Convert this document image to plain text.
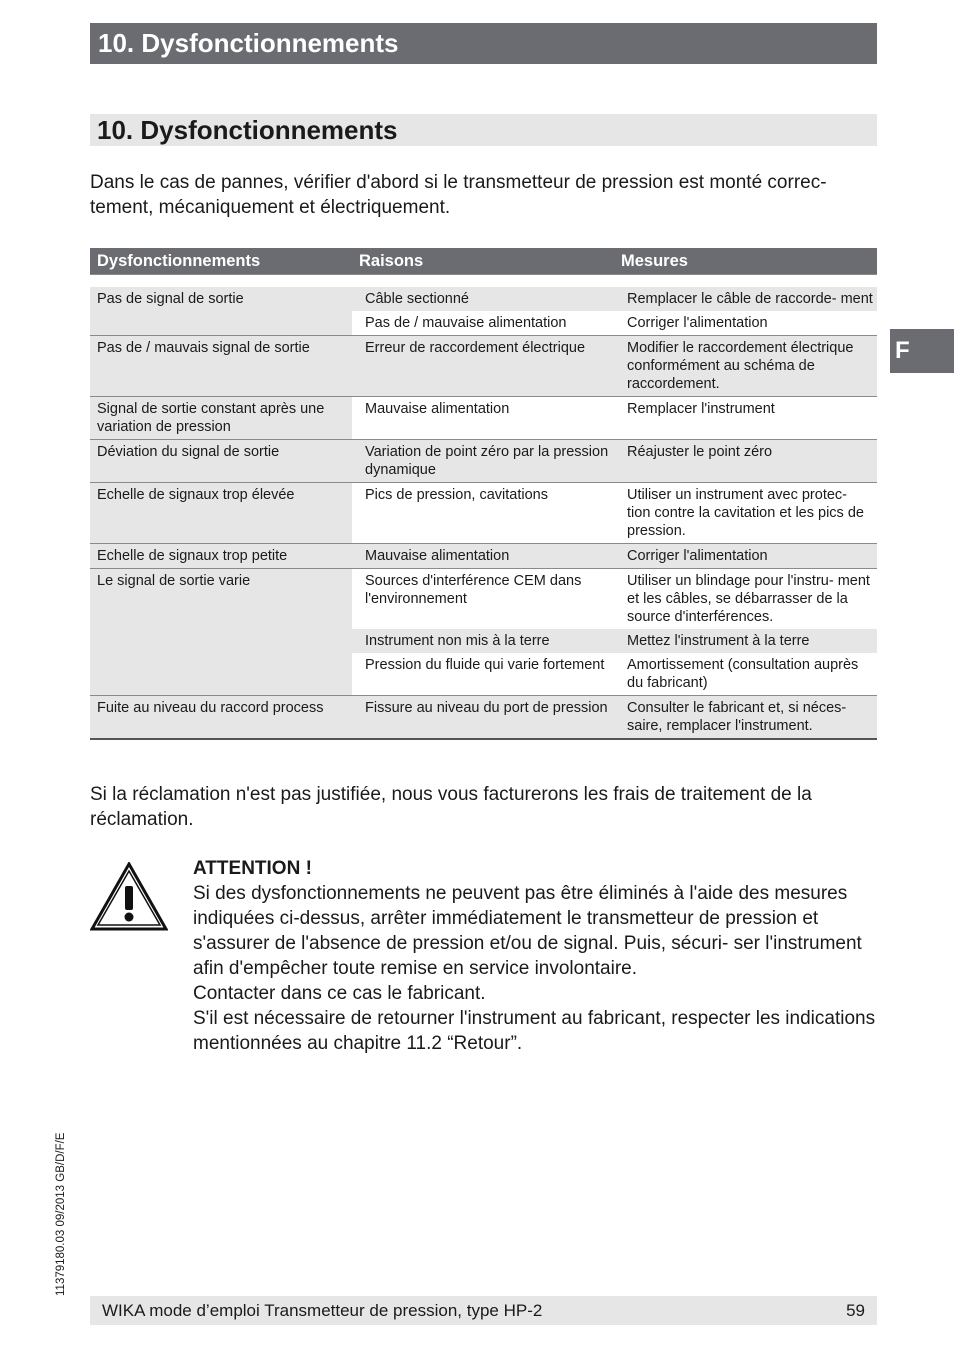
10. Dysfonctionnements
10. Dysfonctionnements
F

Dans le cas de pannes, vérifier d'abord si le transmetteur de pression est monté correc- tement, mécaniquement et électriquement.

Dysfonctionnements	Raisons	Mesures

Pas de signal de sortie	Câble sectionné	Remplacer le câble de raccorde- ment
	Pas de / mauvaise alimentation	Corriger l'alimentation
Pas de / mauvais signal de sortie	Erreur de raccordement électrique	Modifier le raccordement électrique conformément au schéma de raccordement.
Signal de sortie constant après une variation de pression	Mauvaise alimentation	Remplacer l'instrument
Déviation du signal de sortie	Variation de point zéro par la pression dynamique	Réajuster le point zéro
Echelle de signaux trop élevée	Pics de pression, cavitations	Utiliser un instrument avec protec- tion contre la cavitation et les pics de pression.
Echelle de signaux trop petite	Mauvaise alimentation	Corriger l'alimentation
Le signal de sortie varie	Sources d'interférence CEM dans l'environnement	Utiliser un blindage pour l'instru- ment et les câbles, se débarrasser de la source d'interférences.
	Instrument non mis à la terre	Mettez l'instrument à la terre
	Pression du fluide qui varie fortement	Amortissement (consultation auprès du fabricant)
Fuite au niveau du raccord process	Fissure au niveau du port de pression	Consulter le fabricant et, si néces- saire, remplacer l'instrument.

Si la réclamation n'est pas justifiée, nous vous facturerons les frais de traitement de la réclamation.

ATTENTION !
Si des dysfonctionnements ne peuvent pas être éliminés à l'aide des mesures indiquées ci-dessus, arrêter immédiatement le transmetteur de pression et s'assurer de l'absence de pression et/ou de signal. Puis, sécuri- ser l'instrument afin d'empêcher toute remise en service involontaire.
Contacter dans ce cas le fabricant.
S'il est nécessaire de retourner l'instrument au fabricant, respecter les indications mentionnées au chapitre 11.2 “Retour”.
11379180.03 09/2013 GB/D/F/E
WIKA mode d’emploi Transmetteur de pression, type HP-2	59
